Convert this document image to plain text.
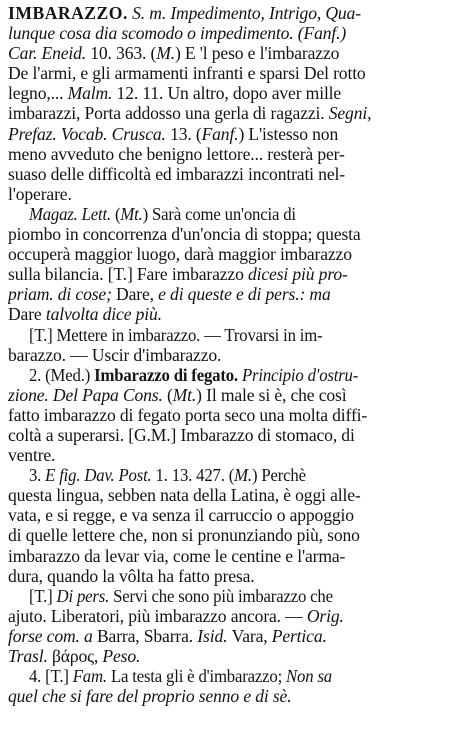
IMBARAZZO. S. m. Impedimento, Intrigo, Qua-
lunque cosa dia scomodo o impedimento. (Fanf.)
Car. Eneid. 10. 363. (M.) E 'l peso e l'imbarazzo
De l'armi, e gli armamenti infranti e sparsi Del rotto
legno,... Malm. 12. 11. Un altro, dopo aver mille
imbarazzi, Porta addosso una gerla di ragazzi. Segni,
Prefaz. Vocab. Crusca. 13. (Fanf.) L'istesso non
meno avveduto che benigno lettore... resterà per-
suaso delle difficoltà ed imbarazzi incontrati nel-
l'operare.
Magaz. Lett. (Mt.) Sarà come un'oncia di
piombo in concorrenza d'un'oncia di stoppa; questa
occuperà maggior luogo, darà maggior imbarazzo
sulla bilancia. [T.] Fare imbarazzo dicesi più pro-
priam. di cose; Dare, e di queste e di pers.: ma
Dare talvolta dice più.
[T.] Mettere in imbarazzo. — Trovarsi in im-
barazzo. — Uscir d'imbarazzo.
2. (Med.) Imbarazzo di fegato. Principio d'ostru-
zione. Del Papa Cons. (Mt.) Il male si è, che così
fatto imbarazzo di fegato porta seco una molta diffi-
coltà a superarsi. [G.M.] Imbarazzo di stomaco, di
ventre.
3. E fig. Dav. Post. 1. 13. 427. (M.) Perchè
questa lingua, sebben nata della Latina, è oggi alle-
vata, e si regge, e va senza il carruccio o appoggio
di quelle lettere che, non si pronunziando più, sono
imbarazzo da levar via, come le centine e l'arma-
dura, quando la vôlta ha fatto presa.
[T.] Di pers. Servi che sono più imbarazzo che
ajuto. Liberatori, più imbarazzo ancora. — Orig.
forse com. a Barra, Sbarra. Isid. Vara, Pertica.
Trasl. βάρος, Peso.
4. [T.] Fam. La testa gli è d'imbarazzo; Non sa
quel che si fare del proprio senno e di sè.
